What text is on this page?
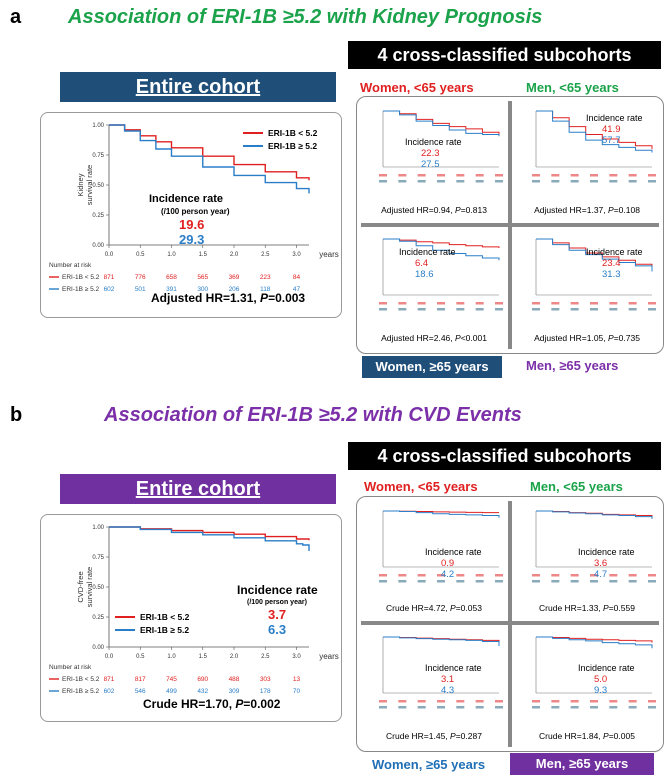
a Association of ERI-1B ≥5.2 with Kidney Prognosis
4 cross-classified subcohorts
Entire cohort
0.00
0.25
0.50
0.75
1.00
0.0	0.5	1.0	1.5	2.0	2.5	3.0 years
Kidney survival rate
ERI-1B < 5.2
ERI-1B ≥ 5.2
Number at risk
ERI-1B < 5.2 871	776	658	565	369	223	84
ERI-1B ≥ 5.2 602	501	391	300	206	118	47
Incidence rate
(/100 person year)
19.6
29.3
Adjusted HR=1.31, P=0.003
Incidence rate
22.3
27.5
Adjusted HR=0.94, P=0.813
Incidence rate
41.9
57.7
Adjusted HR=1.37, P=0.108
Incidence rate
6.4
18.6
Adjusted HR=2.46, P<0.001
Incidence rate
23.4
31.3
Adjusted HR=1.05, P=0.735
Women, <65 years	Men, <65 years
Women, ≥65 years	Men, ≥65 years
b	Association of ERI-1B ≥5.2 with CVD Events
4 cross-classified subcohorts
Entire cohort
0.00
0.25
0.50
0.75
1.00
0.0	0.5	1.0	1.5	2.0	2.5	3.0 years
CVD-free survival rate
ERI-1B < 5.2
ERI-1B ≥ 5.2
Number at risk
ERI-1B < 5.2 871	817	745	690	488	303	13
ERI-1B ≥ 5.2 602	546	499	432	309	178	70
Incidence rate
(/100 person year)
3.7
6.3
Crude HR=1.70, P=0.002
Incidence rate
0.9
4.2
Crude HR=4.72, P=0.053
Incidence rate
3.6
4.7
Crude HR=1.33, P=0.559
Incidence rate
3.1
4.3
Crude HR=1.45, P=0.287
Incidence rate
5.0
9.3
Crude HR=1.84, P=0.005
Women, <65 years	Men, <65 years
Women, ≥65 years	Men, ≥65 years
